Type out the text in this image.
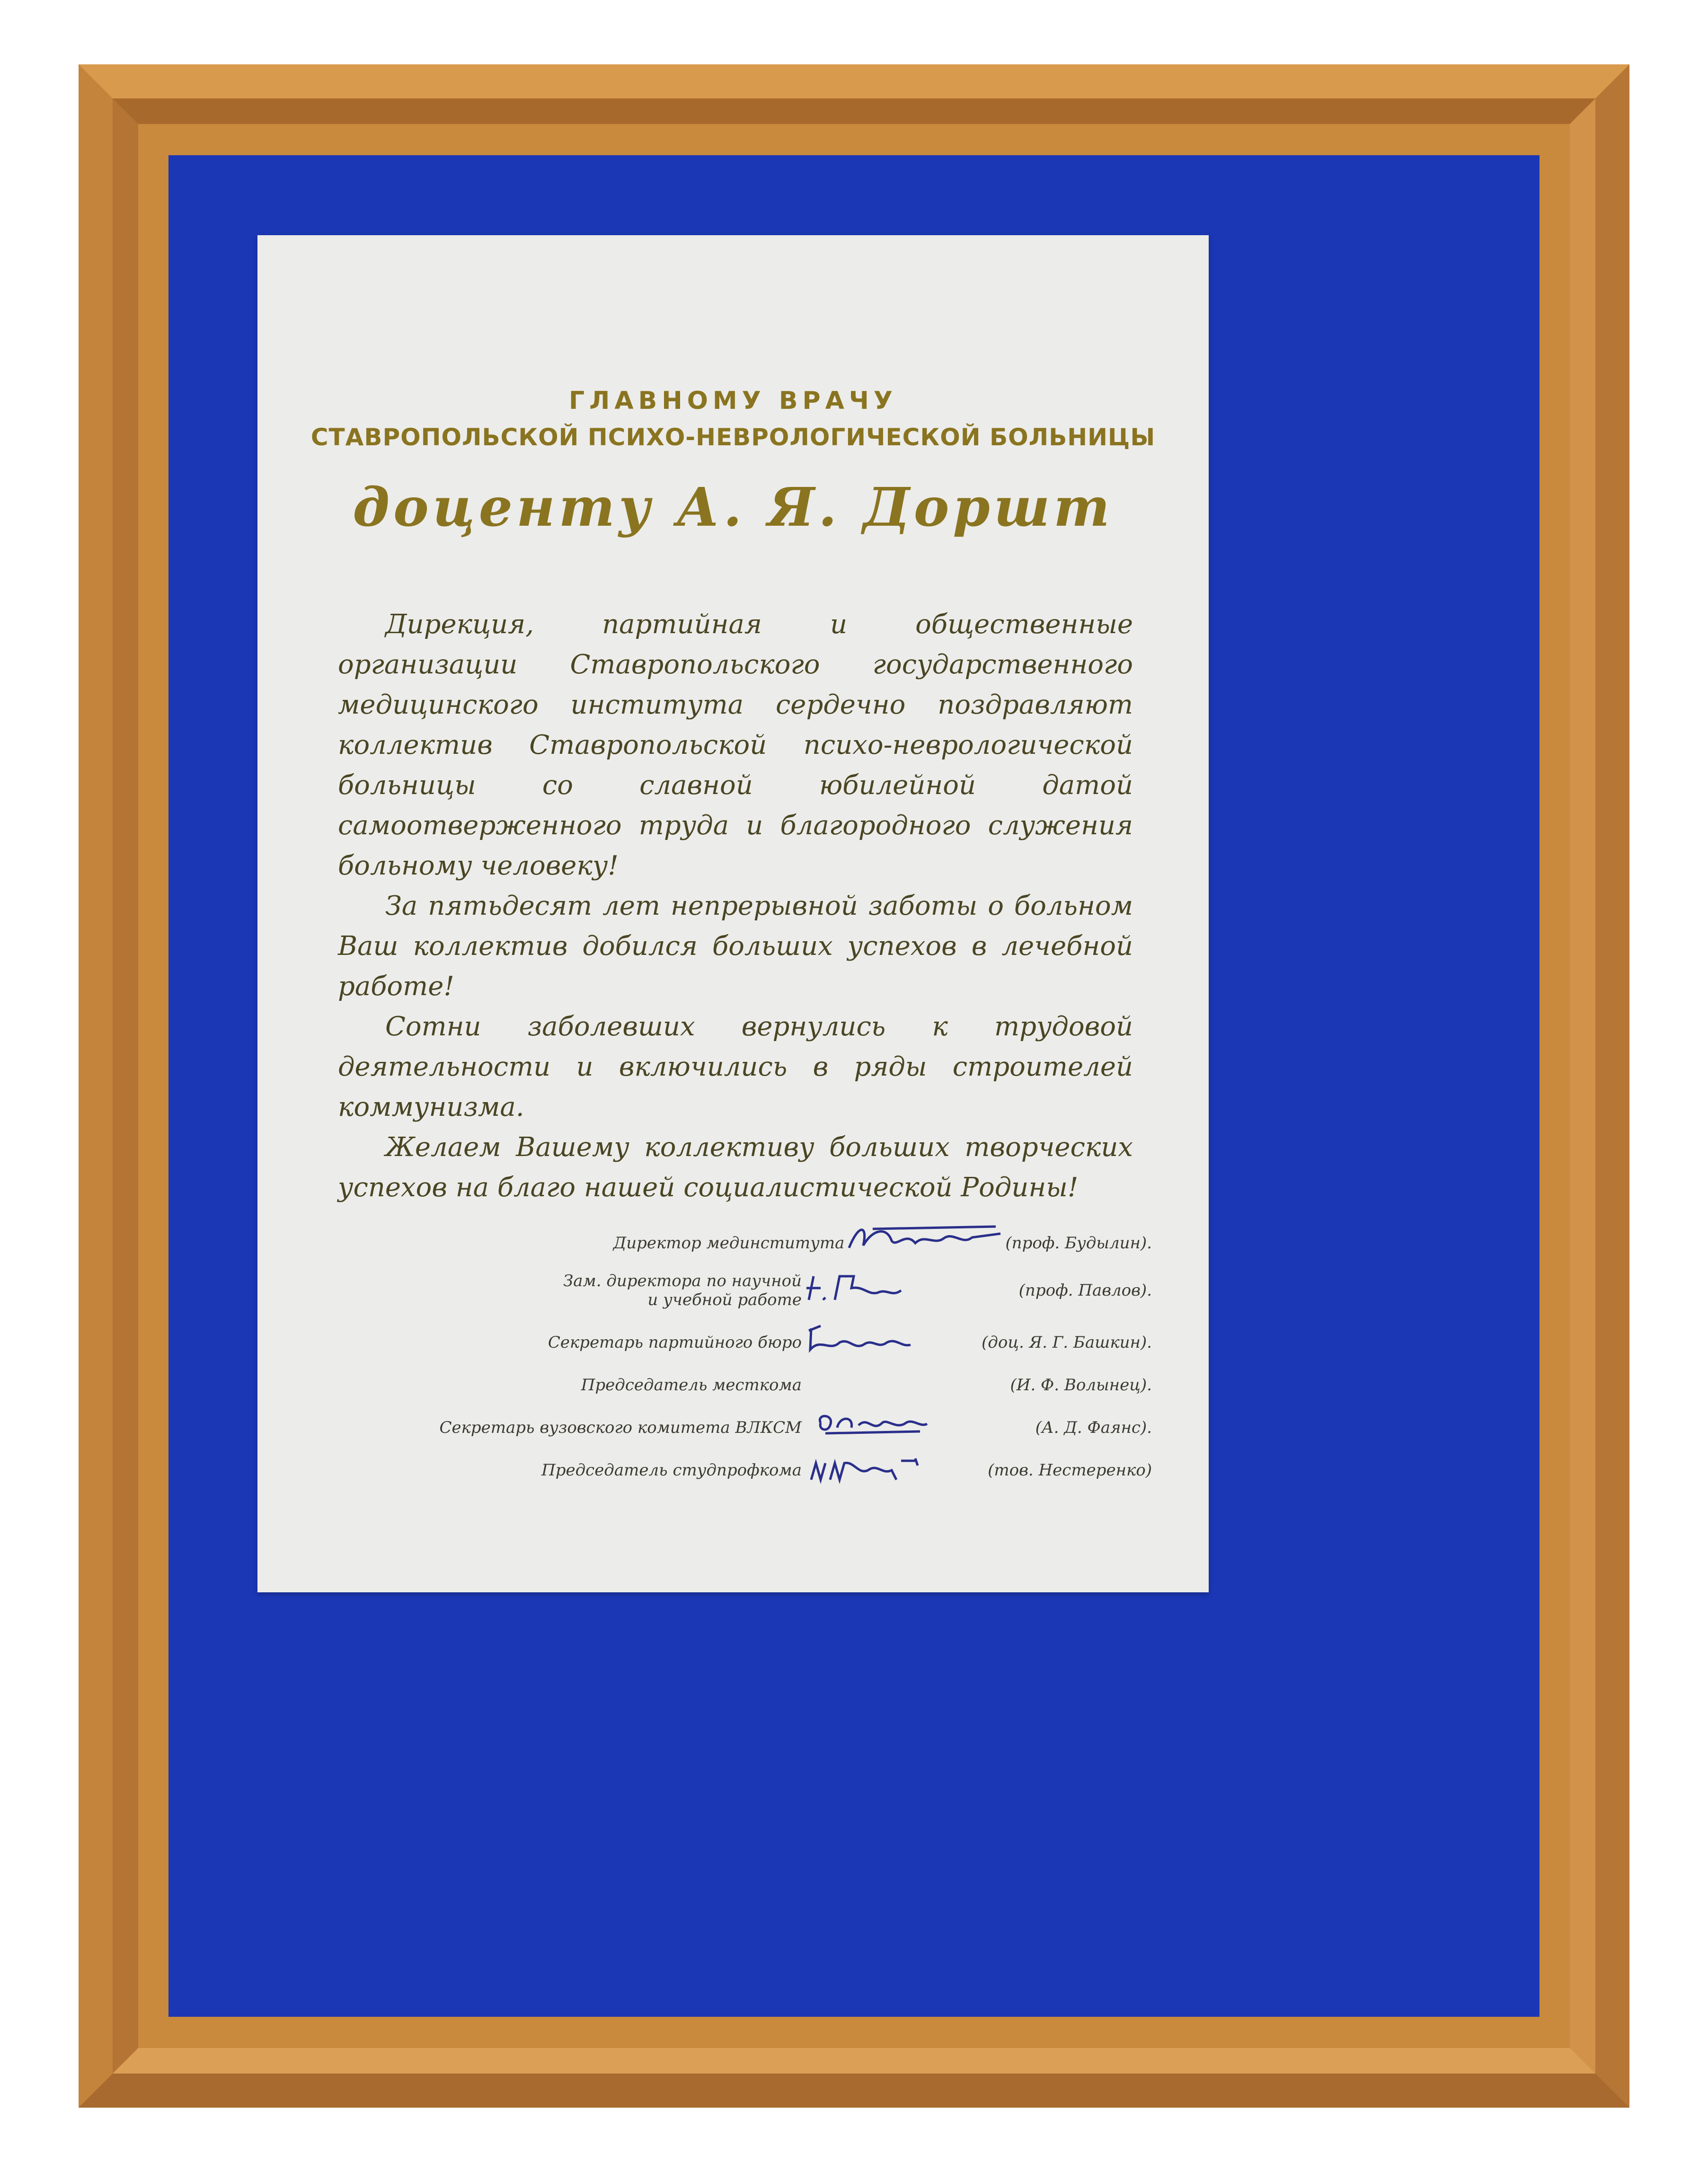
ГЛАВНОМУ ВРАЧУ
СТАВРОПОЛЬСКОЙ ПСИХО-НЕВРОЛОГИЧЕСКОЙ БОЛЬНИЦЫ
доценту А. Я. Доршт

Дирекция, партийная и общественные организации Ставропольского государственного медицинского института сердечно поздравляют коллектив Ставропольской психо-неврологической больницы со славной юбилейной датой самоотверженного труда и благородного служения больному человеку!

За пятьдесят лет непрерывной заботы о больном Ваш коллектив добился больших успехов в лечебной работе!

Сотни заболевших вернулись к трудовой деятельности и включились в ряды строителей коммунизма.

Желаем Вашему коллективу больших творческих успехов на благо нашей социалистической Родины!

Директор мединститута	(проф. Будылин).
Зам. директора по научной
и учебной работе	(проф. Павлов).
Секретарь партийного бюро	(доц. Я. Г. Башкин).
Председатель месткома	(И. Ф. Волынец).
Секретарь вузовского комитета ВЛКСМ	(А. Д. Фаянс).
Председатель студпрофкома	(тов. Нестеренко)
